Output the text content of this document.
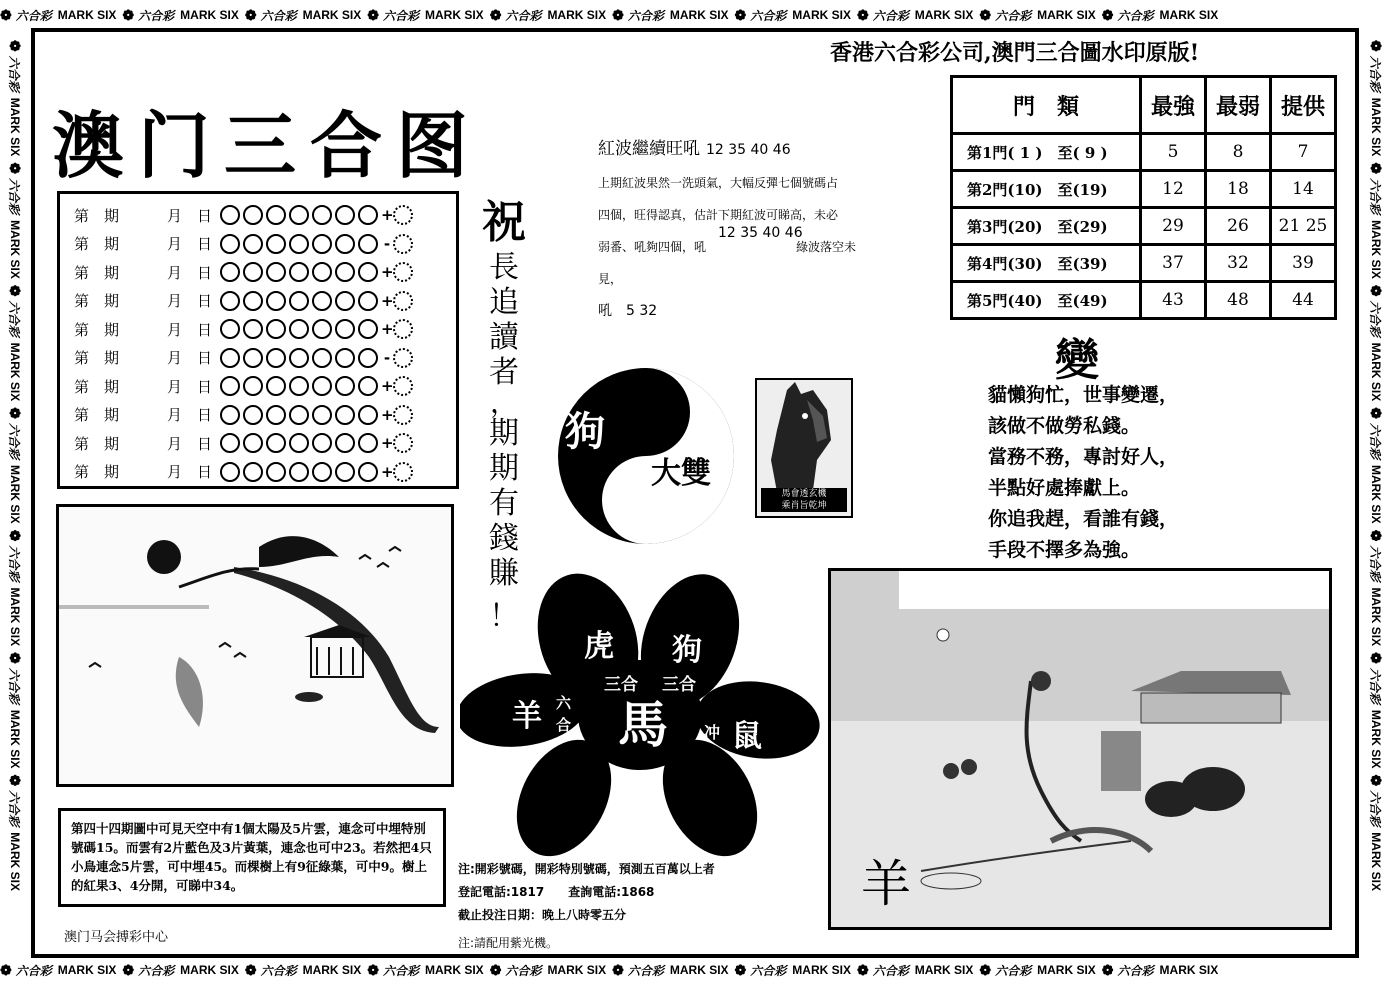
❁ 六合彩 MARK SIX ❁ 六合彩 MARK SIX ❁ 六合彩 MARK SIX ❁ 六合彩 MARK SIX ❁ 六合彩 MARK SIX ❁ 六合彩 MARK SIX ❁ 六合彩 MARK SIX ❁ 六合彩 MARK SIX ❁ 六合彩 MARK SIX ❁ 六合彩 MARK SIX
❁ 六合彩 MARK SIX ❁ 六合彩 MARK SIX ❁ 六合彩 MARK SIX ❁ 六合彩 MARK SIX ❁ 六合彩 MARK SIX ❁ 六合彩 MARK SIX ❁ 六合彩 MARK SIX ❁ 六合彩 MARK SIX ❁ 六合彩 MARK SIX ❁ 六合彩 MARK SIX
❁
六合彩
MARK SIX
❁
六合彩
MARK SIX
❁
六合彩
MARK SIX
❁
六合彩
MARK SIX
❁
六合彩
MARK SIX
❁
六合彩
MARK SIX
❁
六合彩
MARK SIX
❁
六合彩
MARK SIX
❁
六合彩
MARK SIX
❁
六合彩
MARK SIX
❁
六合彩
MARK SIX
❁
六合彩
MARK SIX
❁
六合彩
MARK SIX
❁
六合彩
MARK SIX
香港六合彩公司,澳門三合圖水印原版!
澳门三合图
第　期	月 日	+
第　期	月 日	-
第　期	月 日	+
第　期	月 日	+
第　期	月 日	+
第　期	月 日	-
第　期	月 日	+
第　期	月 日	+
第　期	月 日	+
第　期	月 日	+
祝
長
追
讀
者
，
期
期
有
錢
賺
！
紅波繼續旺吼 12 35 40 46

上期紅波果然一洗頭氣，大幅反彈七個號碼占

四個，旺得認真，估計下期紅波可睇高，未必

弱番、吼夠四個，吼
12 35 40 46
綠波落空未見，

吼　5 32

門　類	最強	最弱	提供
第1門( 1 )　至( 9 )	5	8	7
第2門(10)　至(19)	12	18	14
第3門(20)　至(29)	29	26	21 25
第4門(30)　至(39)	37	32	39
第5門(40)　至(49)	43	48	44
變
貓懶狗忙，世事變遷，
該做不做勞私錢。
當務不務，專討好人，
半點好處捧獻上。
你追我趕，看誰有錢，
手段不擇多為強。
狗
3
6
大雙
馬會透玄機
乘肖旨乾坤
虎 狗
三合 三合
羊 六
合 馬 冲 鼠
第四十四期圖中可見天空中有1個太陽及5片雲，連念可中埋特別號碼15。而雲有2片藍色及3片黃葉，連念也可中23。若然把4只小鳥連念5片雲，可中埋45。而棵樹上有9征綠葉，可中9。樹上的紅果3、4分開，可睇中34。
澳门马会搏彩中心
注:開彩號碼，開彩特別號碼，預測五百萬以上者
登記電話:1817　　查詢電話:1868
截止投注日期：晚上八時零五分
注:請配用紫光機。
羊
